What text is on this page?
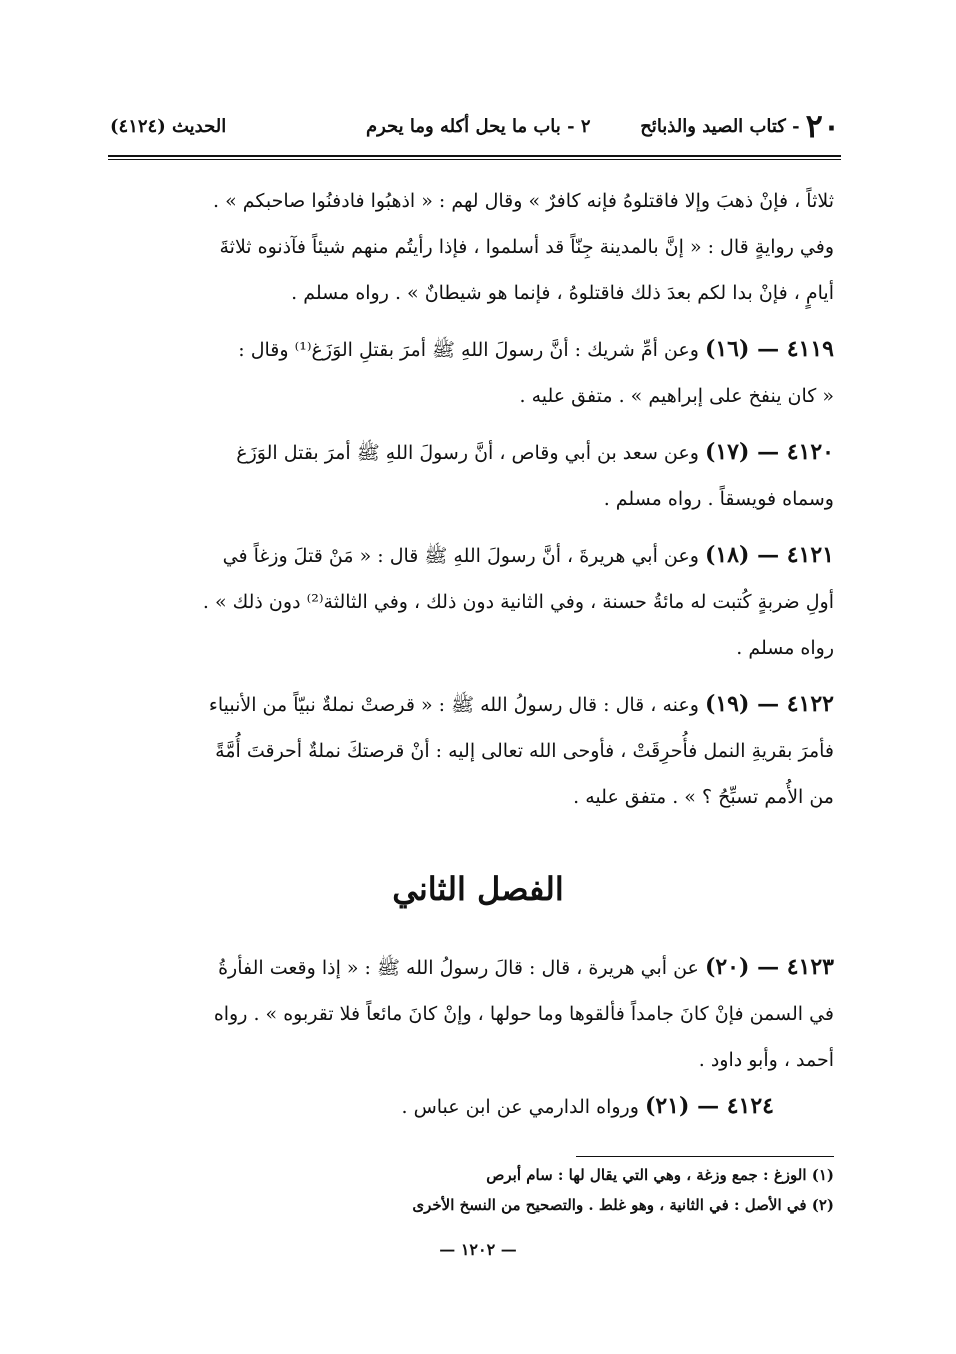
٢٠
- كتاب الصيد والذبائح
٢ - باب ما يحل أكله وما يحرم
الحديث (٤١٢٤)

ثلاثاً ، فإنْ ذهبَ وإلا فاقتلوهُ فإنه كافرٌ » وقال لهم : « اذهبُوا فادفنُوا صاحبكم » .

وفي روايةٍ قال : « إنَّ بالمدينة جِنّاً قد أسلموا ، فإذا رأيتُم منهم شيئاً فآذنوه ثلاثةَ

أيامٍ ، فإنْ بدا لكم بعدَ ذلك فاقتلوهُ ، فإنما هو شيطانٌ » . رواه مسلم .

٤١١٩ — (١٦) وعن أمِّ شريك : أنَّ رسولَ اللهِ ﷺ أمرَ بقتلِ الوَزَغ⁽¹⁾ وقال :

« كان ينفخ على إبراهيم » . متفق عليه .

٤١٢٠ — (١٧) وعن سعد بن أبي وقاص ، أنَّ رسولَ اللهِ ﷺ أمرَ بقتل الوَزَغ

وسماه فويسقاً . رواه مسلم .

٤١٢١ — (١٨) وعن أبي هريرةَ ، أنَّ رسولَ اللهِ ﷺ قال : « مَنْ قتلَ وزغاً في

أولِ ضربةٍ كُتبت له مائةُ حسنة ، وفي الثانية دون ذلك ، وفي الثالثة⁽²⁾ دون ذلك » .

رواه مسلم .

٤١٢٢ — (١٩) وعنه ، قال : قال رسولُ الله ﷺ : « قرصتْ نملةٌ نبيّاً من الأنبياء

فأمرَ بقريةِ النمل فأُحرِقَتْ ، فأوحى الله تعالى إليه : أنْ قرصتكَ نملةٌ أحرقتَ أُمَّةً

من الأُمم تسبِّحُ ؟ » . متفق عليه .

الفصل الثاني

٤١٢٣ — (٢٠) عن أبي هريرة ، قال : قالَ رسولُ الله ﷺ : « إذا وقعت الفأرةُ

في السمن فإنْ كانَ جامداً فألقوها وما حولها ، وإنْ كانَ مائعاً فلا تقربوه » . رواه

أحمد ، وأبو داود .

٤١٢٤ — (٢١) ورواه الدارمي عن ابن عباس .

(١) الوزغ : جمع وزغة ، وهي التي يقال لها : سام أبرص

(٢) في الأصل : في الثانية ، وهو غلط . والتصحيح من النسخ الأخرى

— ١٢٠٢ —
